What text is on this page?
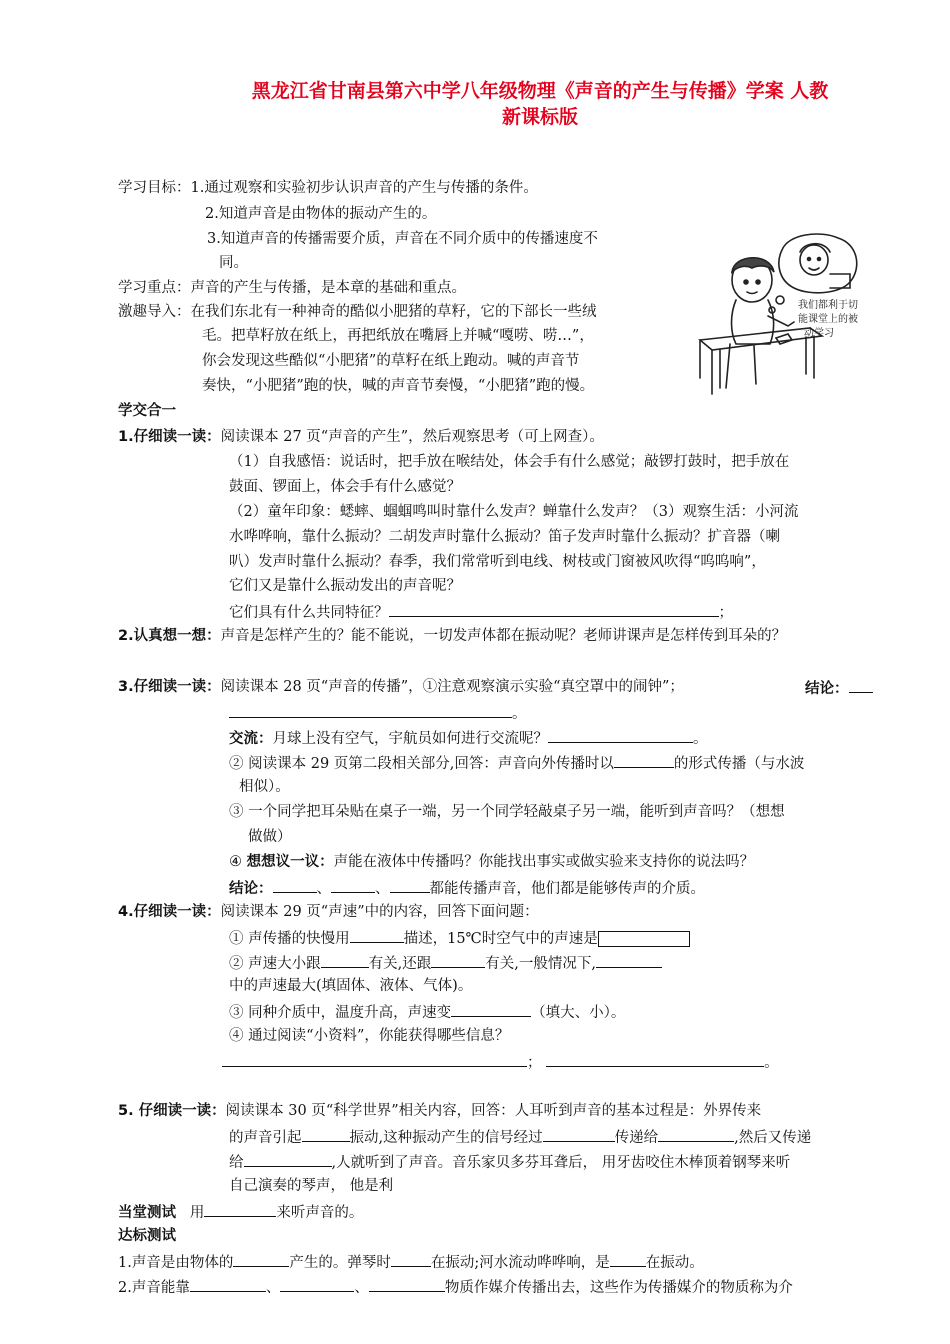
黑龙江省甘南县第六中学八年级物理《声音的产生与传播》学案 人教
新课标版
学习目标：1.通过观察和实验初步认识声音的产生与传播的条件。
2.知道声音是由物体的振动产生的。
3.知道声音的传播需要介质，声音在不同介质中的传播速度不
同。
学习重点：声音的产生与传播，是本章的基础和重点。
激趣导入：在我们东北有一种神奇的酷似小肥猪的草籽，它的下部长一些绒
毛。把草籽放在纸上，再把纸放在嘴唇上并喊“嘎唠、唠…”，
你会发现这些酷似“小肥猪”的草籽在纸上跑动。喊的声音节
奏快，“小肥猪”跑的快，喊的声音节奏慢，“小肥猪”跑的慢。
我们都利于切
能课堂上的被
动学习
学交合一
1.仔细读一读：阅读课本 27 页“声音的产生”，然后观察思考（可上网查）。
（1）自我感悟：说话时，把手放在喉结处，体会手有什么感觉；敲锣打鼓时，把手放在
鼓面、锣面上，体会手有什么感觉？
（2）童年印象：蟋蟀、蝈蝈鸣叫时靠什么发声？蝉靠什么发声？（3）观察生活：小河流
水哗哗响，靠什么振动？二胡发声时靠什么振动？笛子发声时靠什么振动？扩音器（喇
叭）发声时靠什么振动？春季，我们常常听到电线、树枝或门窗被风吹得“呜呜响”，
它们又是靠什么振动发出的声音呢？
它们具有什么共同特征？	；
2.认真想一想：声音是怎样产生的？能不能说，一切发声体都在振动呢？老师讲课声是怎样传到耳朵的？
3.仔细读一读：阅读课本 28 页“声音的传播”，①注意观察演示实验“真空罩中的闹钟”；	结论：
。
交流：月球上没有空气，宇航员如何进行交流呢？	。
② 阅读课本 29 页第二段相关部分,回答：声音向外传播时以	的形式传播（与水波
相似）。
③ 一个同学把耳朵贴在桌子一端，另一个同学轻敲桌子另一端，能听到声音吗？（想想
做做）
④ 想想议一议：声能在液体中传播吗？你能找出事实或做实验来支持你的说法吗？
结论：	、	、	都能传播声音，他们都是能够传声的介质。
4.仔细读一读：阅读课本 29 页“声速”中的内容，回答下面问题：
① 声传播的快慢用	描述，15℃时空气中的声速是
② 声速大小跟	有关,还跟	有关,一般情况下,
中的声速最大(填固体、液体、气体)。
③ 同种介质中，温度升高，声速变	（填大、小）。
④ 通过阅读“小资料”，你能获得哪些信息？
；	。
5. 仔细读一读：阅读课本 30 页“科学世界”相关内容，回答：人耳听到声音的基本过程是：外界传来
的声音引起	振动,这种振动产生的信号经过	传递给	,然后又传递
给	,人就听到了声音。音乐家贝多芬耳聋后， 用牙齿咬住木棒顶着钢琴来听
自己演奏的琴声， 他是利
当堂测试 用	来听声音的。
达标测试
1.声音是由物体的	产生的。弹琴时	在振动;河水流动哗哗响，是 在振动。
2.声音能靠	、	、	物质作媒介传播出去，这些作为传播媒介的物质称为介
